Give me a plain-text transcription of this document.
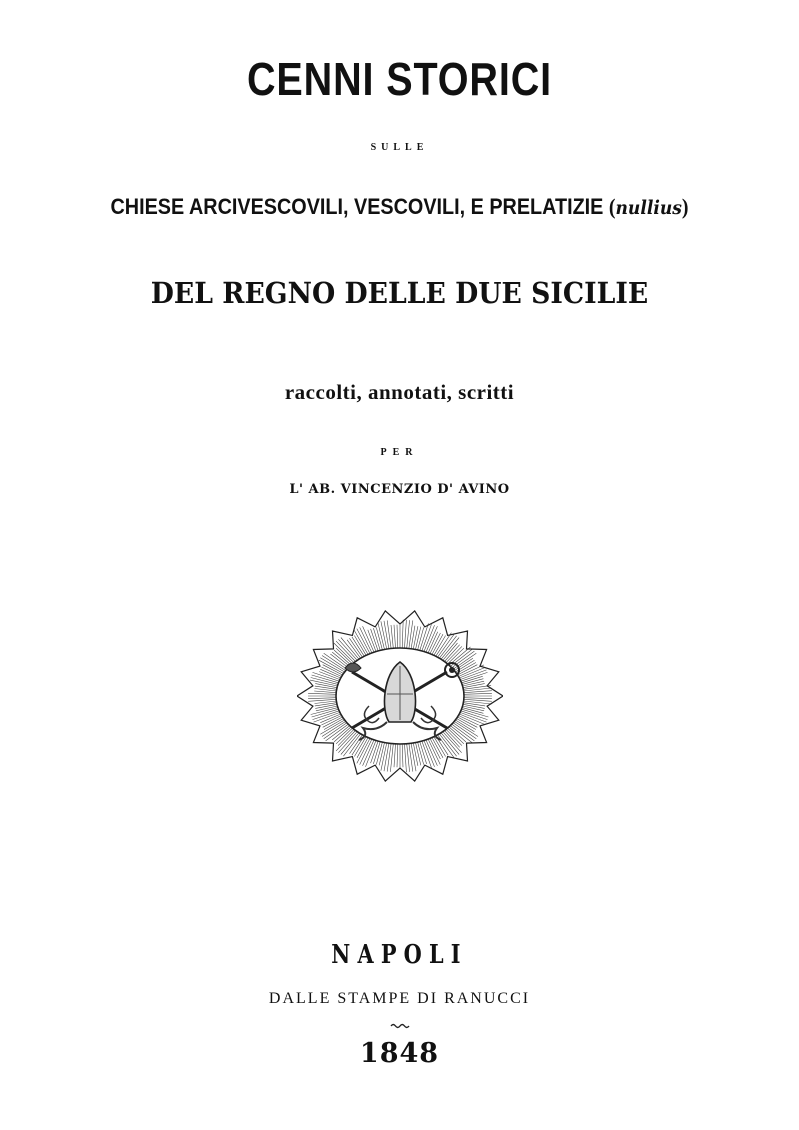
CENNI STORICI
SULLE
CHIESE ARCIVESCOVILI, VESCOVILI, E PRELATIZIE (nullius)
DEL REGNO DELLE DUE SICILIE
raccolti, annotati, scritti
PER
L' AB. VINCENZIO D' AVINO
NAPOLI
DALLE STAMPE DI RANUCCI
1848
